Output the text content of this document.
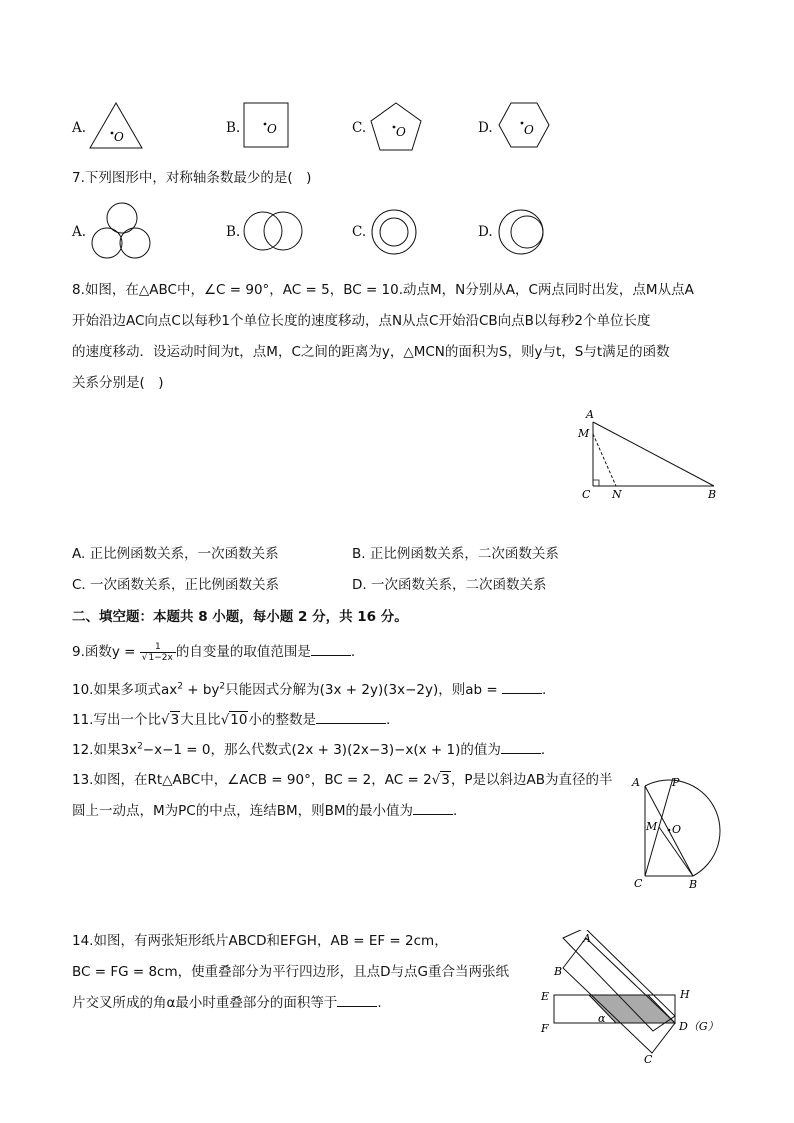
A.
O
B. O	C. O	D.	O
7.下列图形中，对称轴条数最少的是(　)
A.	B.	C.	D.
8.如图，在△ABC中，∠C = 90°，AC = 5，BC = 10.动点M，N分别从A，C两点同时出发，点M从点A
开始沿边AC向点C以每秒1个单位长度的速度移动，点N从点C开始沿CB向点B以每秒2个单位长度
的速度移动．设运动时间为t，点M，C之间的距离为y，△MCN的面积为S，则y与t，S与t满足的函数
关系分别是(　)
A
M
C N	B
A. 正比例函数关系，一次函数关系	B. 正比例函数关系，二次函数关系
C. 一次函数关系，正比例函数关系	D. 一次函数关系，二次函数关系
二、填空题：本题共 8 小题，每小题 2 分，共 16 分。
9.函数$y = \frac{1}{√1-2x}$ 的自变量的取值范围是	.
10.如果多项式$ax^2 + by^2$只能因式分解为(3x + 2y)(3x−2y)，则ab =	.
11.写出一个比√3大且比√10小的整数是	.
12.如果$3x^2-x-1 = 0$，那么代数式(2x + 3)(2x−3)−x(x + 1)的值为	.
13.如图，在Rt△ABC中，∠ACB = 90°，BC = 2，AC = 2√3，P是以斜边AB为直径的半
圆上一动点，M为PC的中点，连结BM，则BM的最小值为	.
A	P
M O
C	B
14.如图，有两张矩形纸片ABCD和EFGH，AB = EF = 2cm，
BC = FG = 8cm，使重叠部分为平行四边形，且点D与点G重合当两张纸
片交叉所成的角α最小时重叠部分的面积等于	.
A
B
E	H
F
α
D（G）
C
